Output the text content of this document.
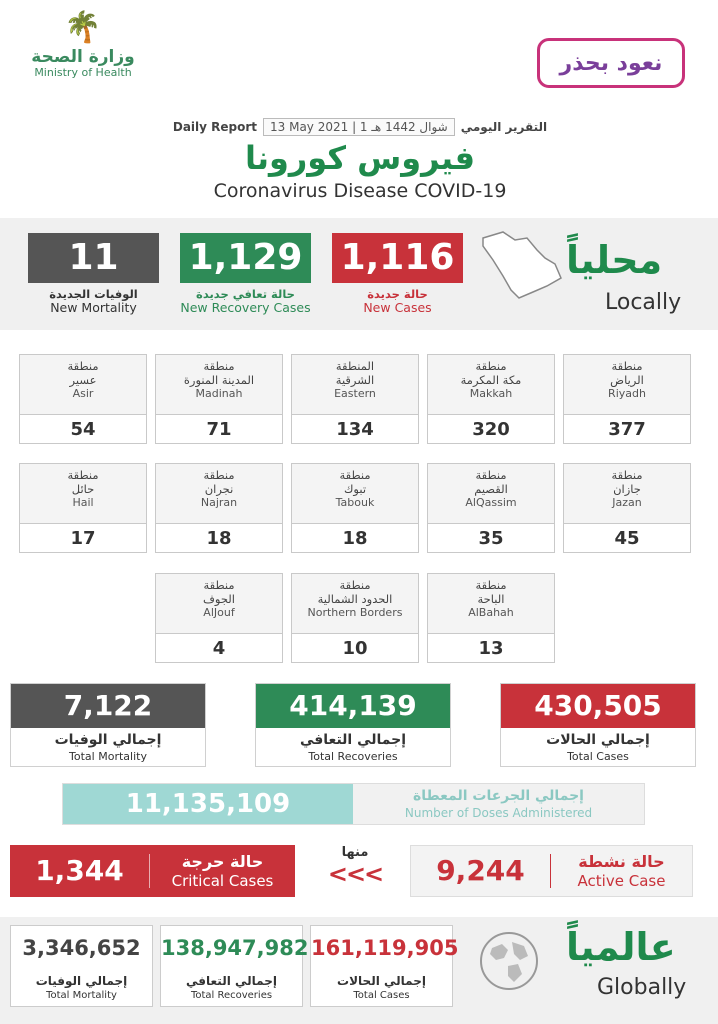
🌴
وزارة الصحة
Ministry of Health	نعود بحذر
Daily Report	13 May 2021 | 1 شوال 1442 هـ	التقرير اليومي
فيروس كورونا
Coronavirus Disease COVID-19
11
الوفيات الجديدة
New Mortality
1,129
حالة تعافي جديدة
New Recovery Cases
1,116
حالة جديدة
New Cases
محلياً
Locally
منطقة
الرياض
Riyadh
377
منطقة
مكة المكرمة
Makkah
320
المنطقة
الشرقية
Eastern
134
منطقة
المدينة المنورة
Madinah
71
منطقة
عسير
Asir
54
منطقة
جازان
Jazan
45
منطقة
القصيم
AlQassim
35
منطقة
تبوك
Tabouk
18
منطقة
نجران
Najran
18
منطقة
حائل
Hail
17
منطقة
الباحة
AlBahah
13
منطقة
الحدود الشمالية
Northern Borders
10
منطقة
الجوف
AlJouf
4
7,122
إجمالي الوفيات
Total Mortality
414,139
إجمالي التعافي
Total Recoveries
430,505
إجمالي الحالات
Total Cases
11,135,109	إجمالي الجرعات المعطاة
Number of Doses Administered
1,344	حالة حرجة
Critical Cases
منها
<<<	9,244	حالة نشطة
Active Case
3,346,652
إجمالي الوفيات
Total Mortality
138,947,982
إجمالي التعافي
Total Recoveries
161,119,905
إجمالي الحالات
Total Cases
عالمياً
Globally
